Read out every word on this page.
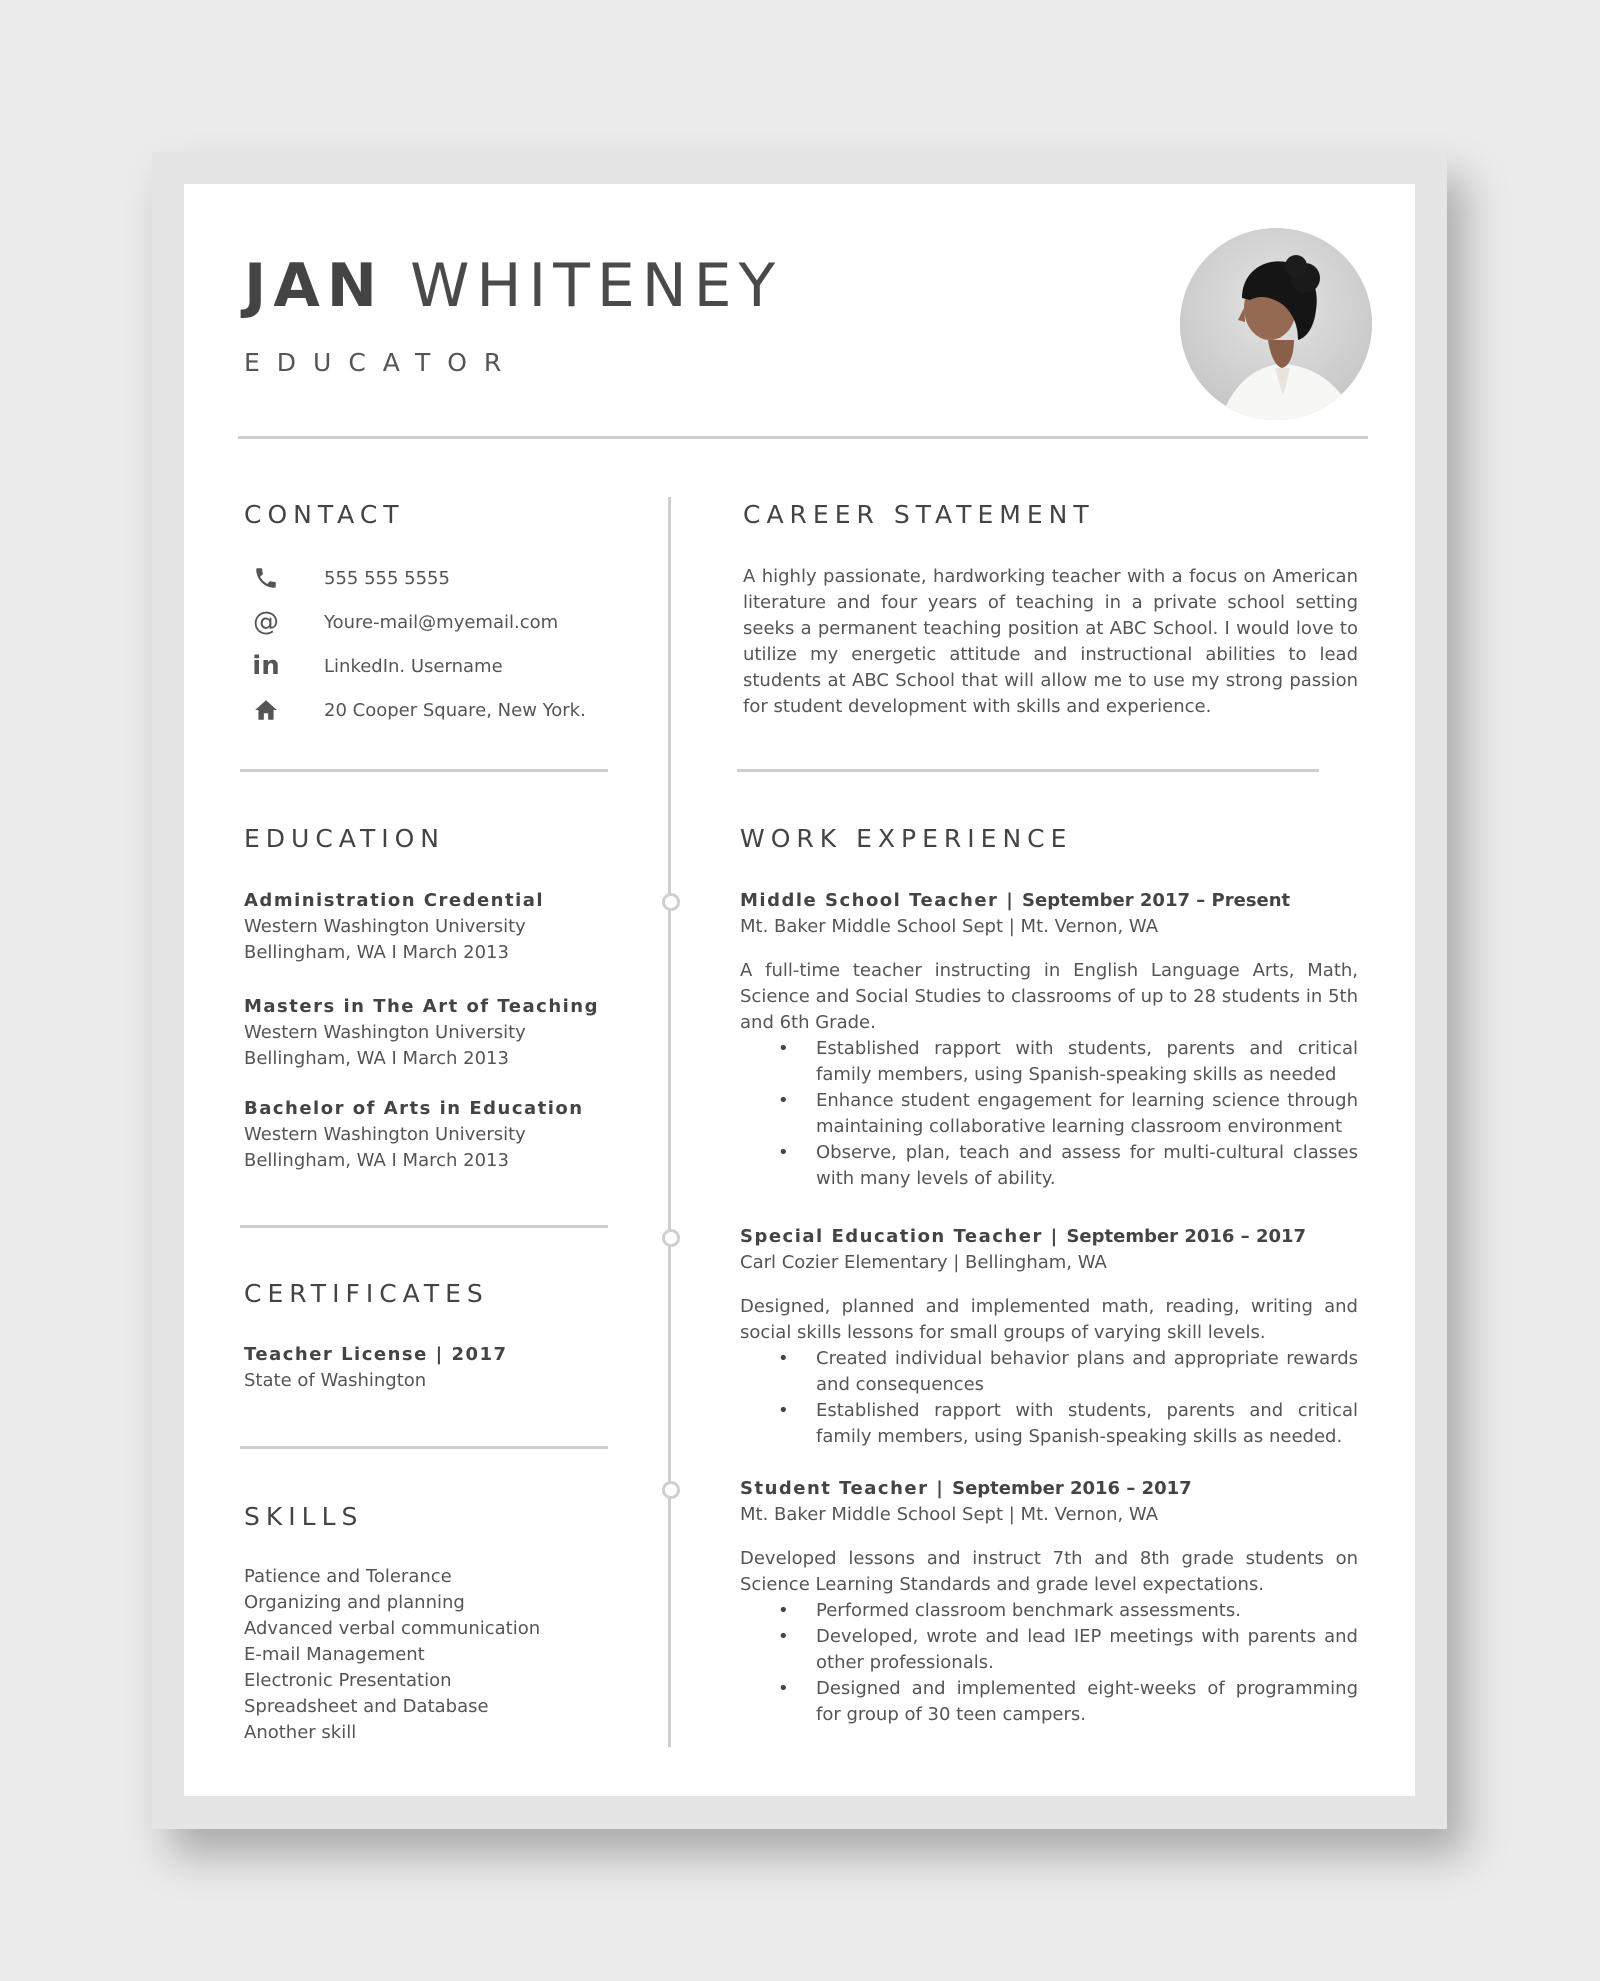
JAN WHITENEY
EDUCATOR
CONTACT
555 555 5555
@	Youre-mail@myemail.com
in LinkedIn. Username
20 Cooper Square, New York.
EDUCATION
Administration Credential
Western Washington University
Bellingham, WA I March 2013
Masters in The Art of Teaching
Western Washington University
Bellingham, WA I March 2013
Bachelor of Arts in Education
Western Washington University
Bellingham, WA I March 2013
CERTIFICATES
Teacher License | 2017
State of Washington
SKILLS
Patience and Tolerance
Organizing and planning
Advanced verbal communication
E-mail Management
Electronic Presentation
Spreadsheet and Database
Another skill
CAREER STATEMENT
A highly passionate, hardworking teacher with a focus on American literature and four years of teaching in a private school setting seeks a permanent teaching position at ABC School. I would love to utilize my energetic attitude and instructional abilities to lead students at ABC School that will allow me to use my strong passion for student development with skills and experience.
WORK EXPERIENCE
Middle School Teacher | September 2017 – Present
Mt. Baker Middle School Sept | Mt. Vernon, WA
A full-time teacher instructing in English Language Arts, Math, Science and Social Studies to classrooms of up to 28 students in 5th and 6th Grade.
• Established rapport with students, parents and critical family members, using Spanish-speaking skills as needed
• Enhance student engagement for learning science through maintaining collaborative learning classroom environment
• Observe, plan, teach and assess for multi-cultural classes with many levels of ability.
Special Education Teacher | September 2016 – 2017
Carl Cozier Elementary | Bellingham, WA
Designed, planned and implemented math, reading, writing and social skills lessons for small groups of varying skill levels.
• Created individual behavior plans and appropriate rewards and consequences
• Established rapport with students, parents and critical family members, using Spanish-speaking skills as needed.
Student Teacher | September 2016 – 2017
Mt. Baker Middle School Sept | Mt. Vernon, WA
Developed lessons and instruct 7th and 8th grade students on Science Learning Standards and grade level expectations.
• Performed classroom benchmark assessments.
• Developed, wrote and lead IEP meetings with parents and other professionals.
• Designed and implemented eight-weeks of programming for group of 30 teen campers.
